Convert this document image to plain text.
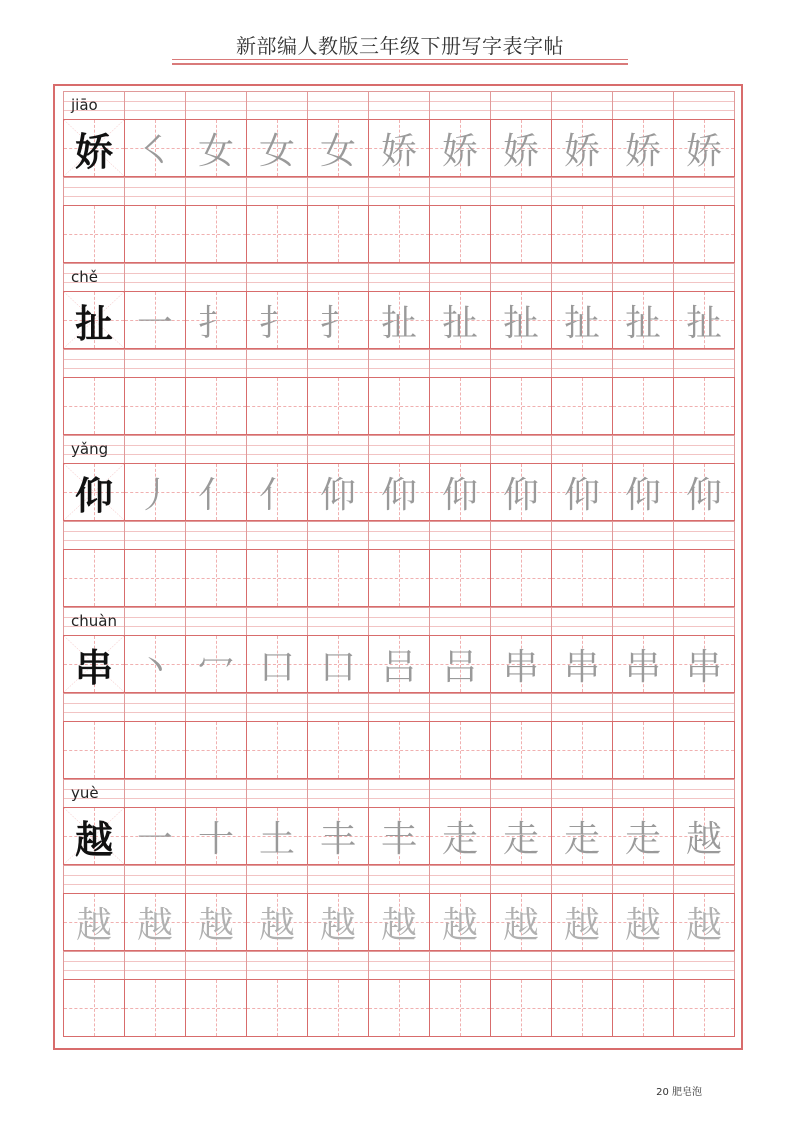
新部编人教版三年级下册写字表字帖
jiāo
娇 ㇛ 女 女 女 娇 娇 娇 娇 娇 娇
chě
扯 一 扌 扌 扌 扯 扯 扯 扯 扯 扯
yǎng
仰 丿 亻 亻 仰 仰 仰 仰 仰 仰 仰
chuàn
串 丶 冖 口 口 吕 吕 串 串 串 串
yuè
越 一 十 土 丰 丰 走 走 走 走 越
越 越 越 越 越 越 越 越 越 越 越
20 肥皂泡
